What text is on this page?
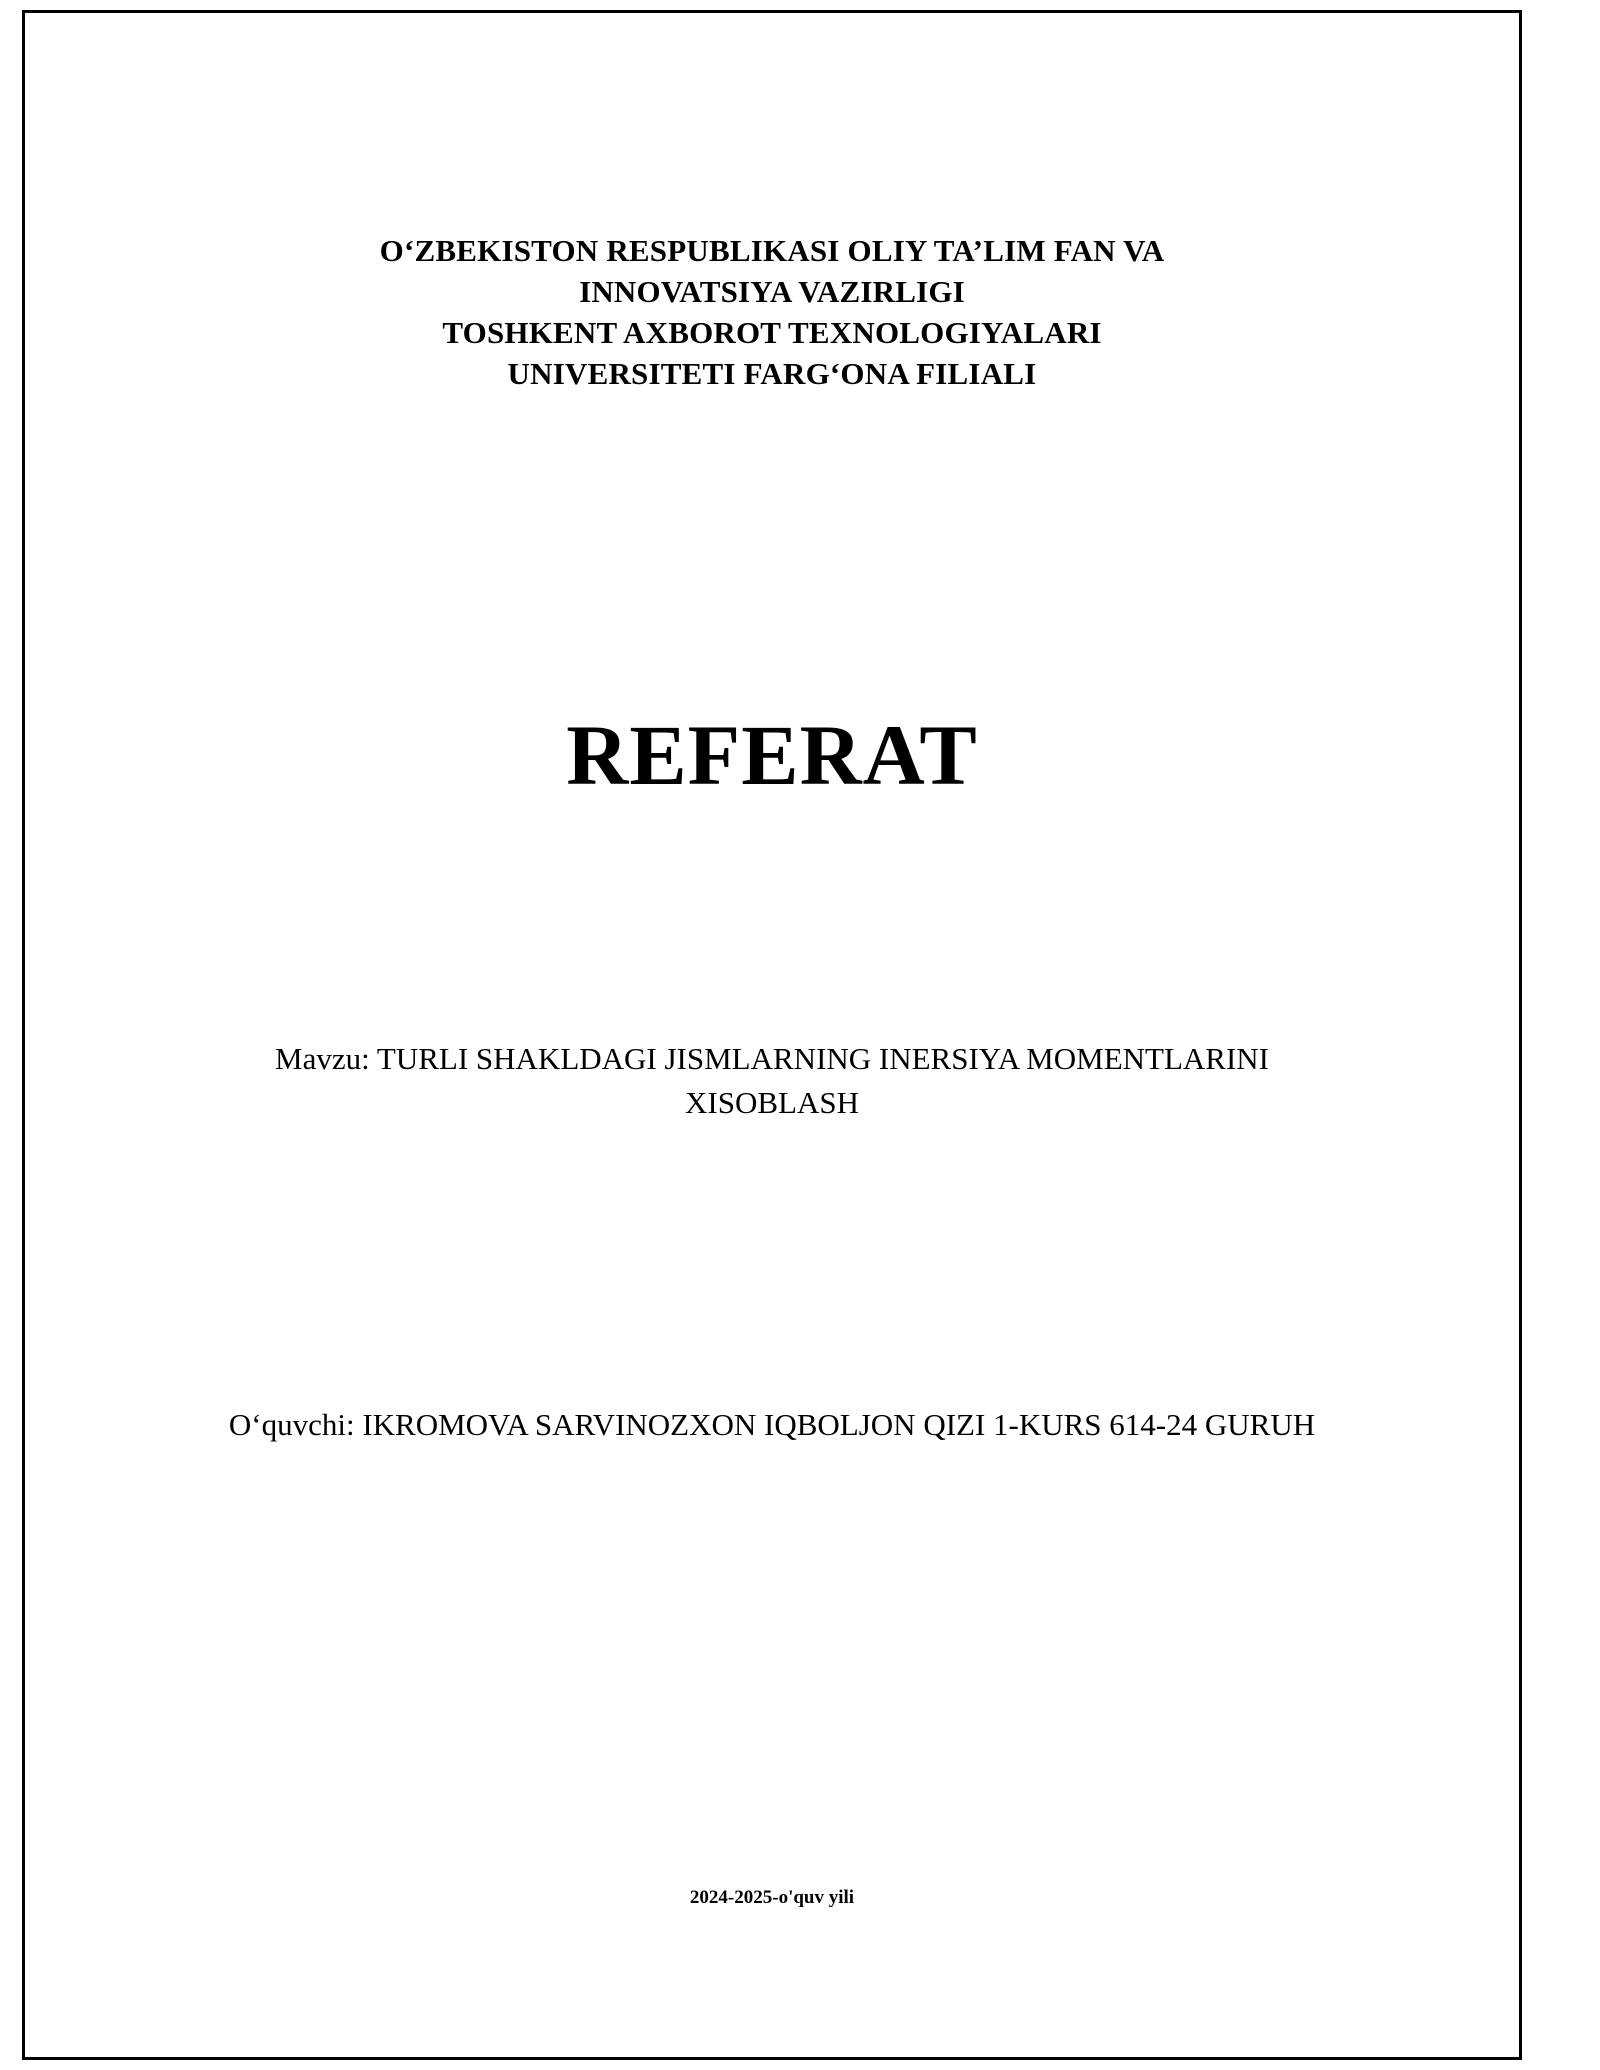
O‘ZBEKISTON RESPUBLIKASI OLIY TA’LIM FAN VA
INNOVATSIYA VAZIRLIGI
TOSHKENT AXBOROT TEXNOLOGIYALARI
UNIVERSITETI FARG‘ONA FILIALI
REFERAT
Mavzu: TURLI SHAKLDAGI JISMLARNING INERSIYA MOMENTLARINI XISOBLASH
O‘quvchi: IKROMOVA SARVINOZXON IQBOLJON QIZI 1-KURS 614-24 GURUH
2024-2025-o'quv yili
